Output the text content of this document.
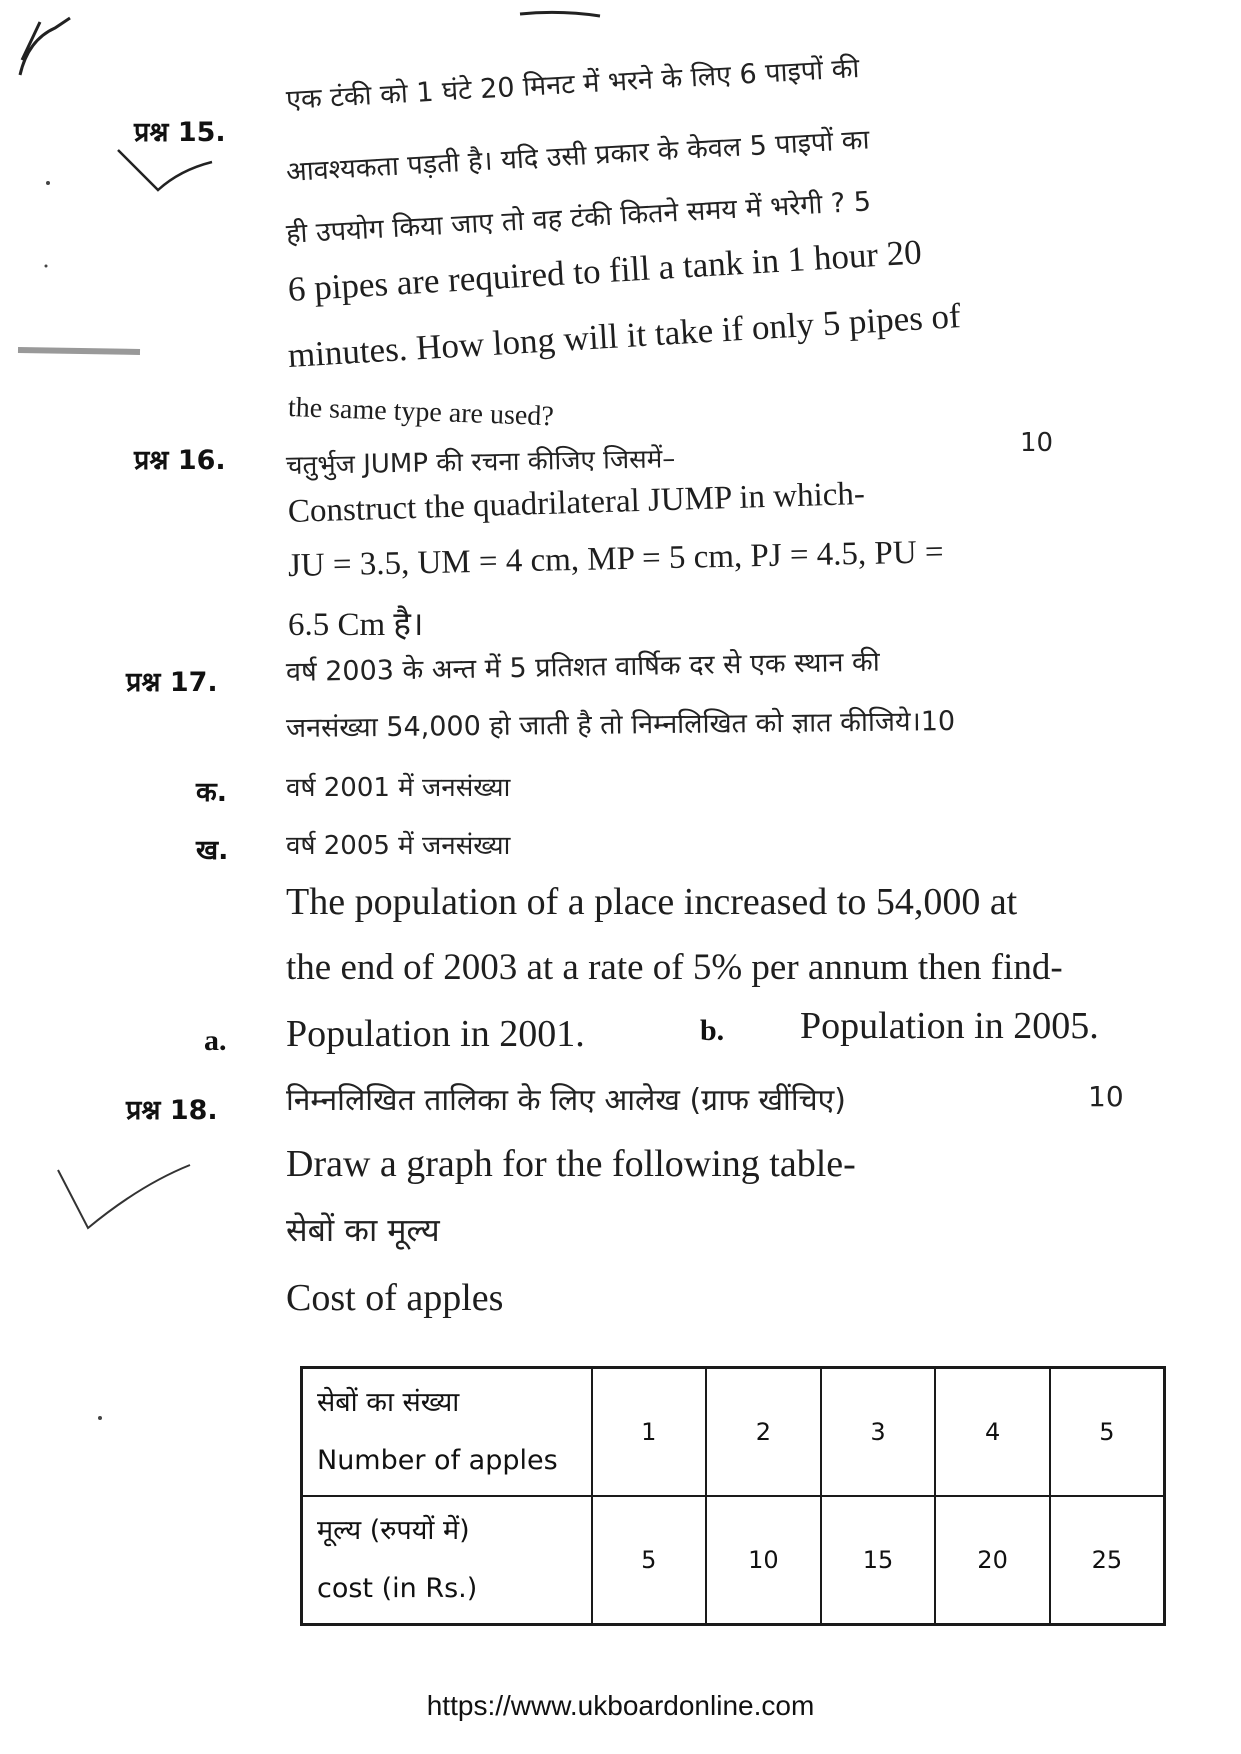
प्रश्न 15.
एक टंकी को 1 घंटे 20 मिनट में भरने के लिए 6 पाइपों की
आवश्यकता पड़ती है। यदि उसी प्रकार के केवल 5 पाइपों का
ही उपयोग किया जाए तो वह टंकी कितने समय में भरेगी ? 5
6 pipes are required to fill a tank in 1 hour 20
minutes. How long will it take if only 5 pipes of
the same type are used?
प्रश्न 16. चतुर्भुज JUMP की रचना कीजिए जिसमें–
10
Construct the quadrilateral JUMP in which-
JU = 3.5, UM = 4 cm, MP = 5 cm, PJ = 4.5, PU =
6.5 Cm है।
प्रश्न 17.	वर्ष 2003 के अन्त में 5 प्रतिशत वार्षिक दर से एक स्थान की
जनसंख्या 54,000 हो जाती है तो निम्नलिखित को ज्ञात कीजिये।10
क. वर्ष 2001 में जनसंख्या
ख. वर्ष 2005 में जनसंख्या
The population of a place increased to 54,000 at
the end of 2003 at a rate of 5% per annum then find-
a. Population in 2001.	b. Population in 2005.
प्रश्न 18. निम्नलिखित तालिका के लिए आलेख (ग्राफ खींचिए)	10
Draw a graph for the following table-
सेबों का मूल्य
Cost of apples
सेबों का संख्या
Number of apples	1	2	3	4	5

मूल्य (रुपयों में)
cost (in Rs.)	5	10	15	20	25
https://www.ukboardonline.com
